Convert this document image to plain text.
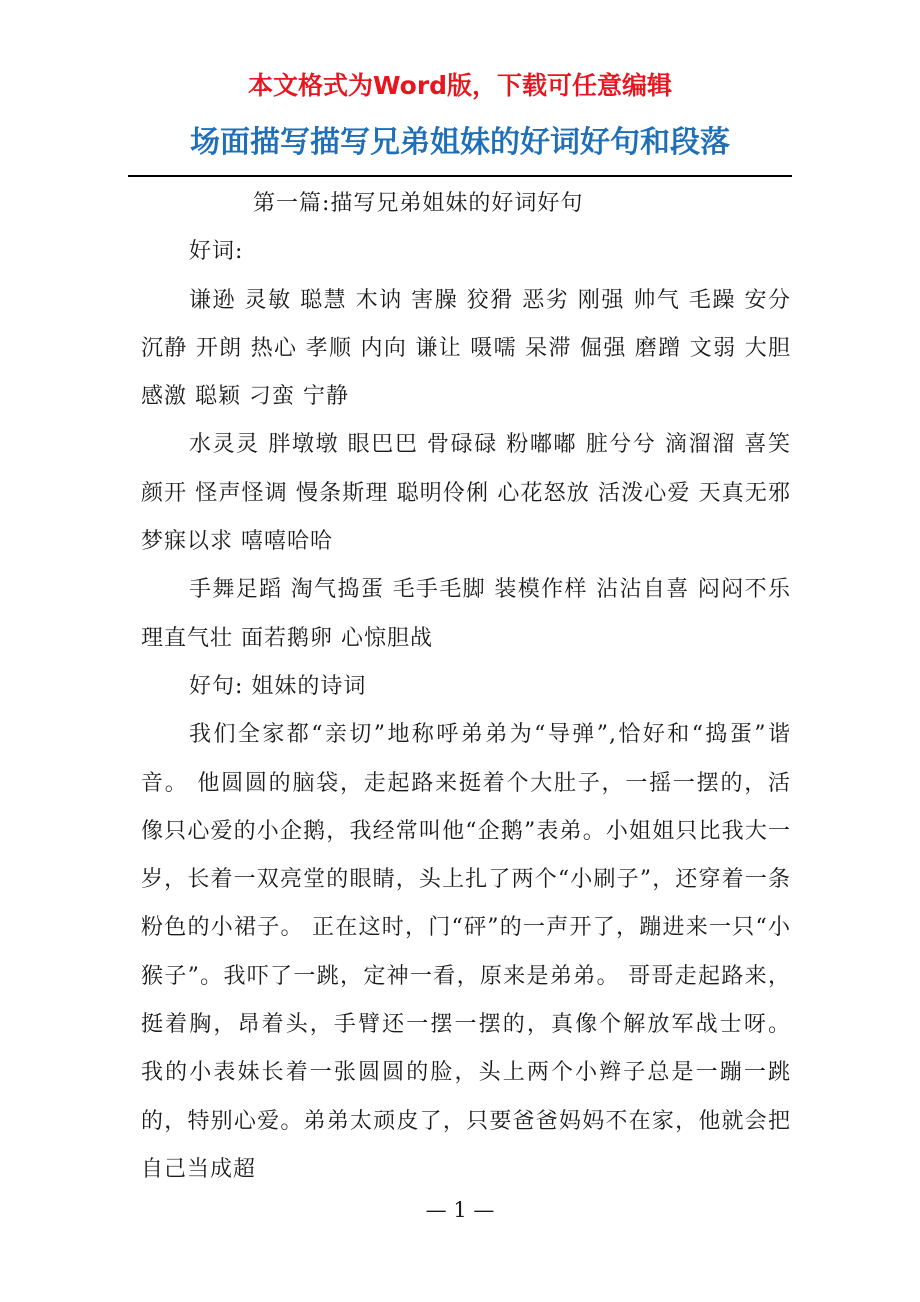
本文格式为Word版，下载可任意编辑
场面描写描写兄弟姐妹的好词好句和段落

第一篇:描写兄弟姐妹的好词好句

好词:

谦逊 灵敏 聪慧 木讷 害臊 狡猾 恶劣 刚强 帅气 毛躁 安分 沉静 开朗 热心 孝顺 内向 谦让 嗫嚅 呆滞 倔强 磨蹭 文弱 大胆 感激 聪颖 刁蛮 宁静

水灵灵 胖墩墩 眼巴巴 骨碌碌 粉嘟嘟 脏兮兮 滴溜溜 喜笑颜开 怪声怪调 慢条斯理 聪明伶俐 心花怒放 活泼心爱 天真无邪 梦寐以求 嘻嘻哈哈

手舞足蹈 淘气捣蛋 毛手毛脚 装模作样 沾沾自喜 闷闷不乐 理直气壮 面若鹅卵 心惊胆战

好句: 姐妹的诗词

我们全家都“亲切”地称呼弟弟为“导弹”,恰好和“捣蛋”谐音。 他圆圆的脑袋，走起路来挺着个大肚子，一摇一摆的，活像只心爱的小企鹅，我经常叫他“企鹅”表弟。小姐姐只比我大一岁，长着一双亮堂的眼睛，头上扎了两个“小刷子”，还穿着一条粉色的小裙子。 正在这时，门“砰”的一声开了，蹦进来一只“小猴子”。我吓了一跳，定神一看，原来是弟弟。 哥哥走起路来，挺着胸，昂着头，手臂还一摆一摆的，真像个解放军战士呀。 我的小表妹长着一张圆圆的脸，头上两个小辫子总是一蹦一跳的，特别心爱。弟弟太顽皮了，只要爸爸妈妈不在家，他就会把自己当成超

— 1 —
